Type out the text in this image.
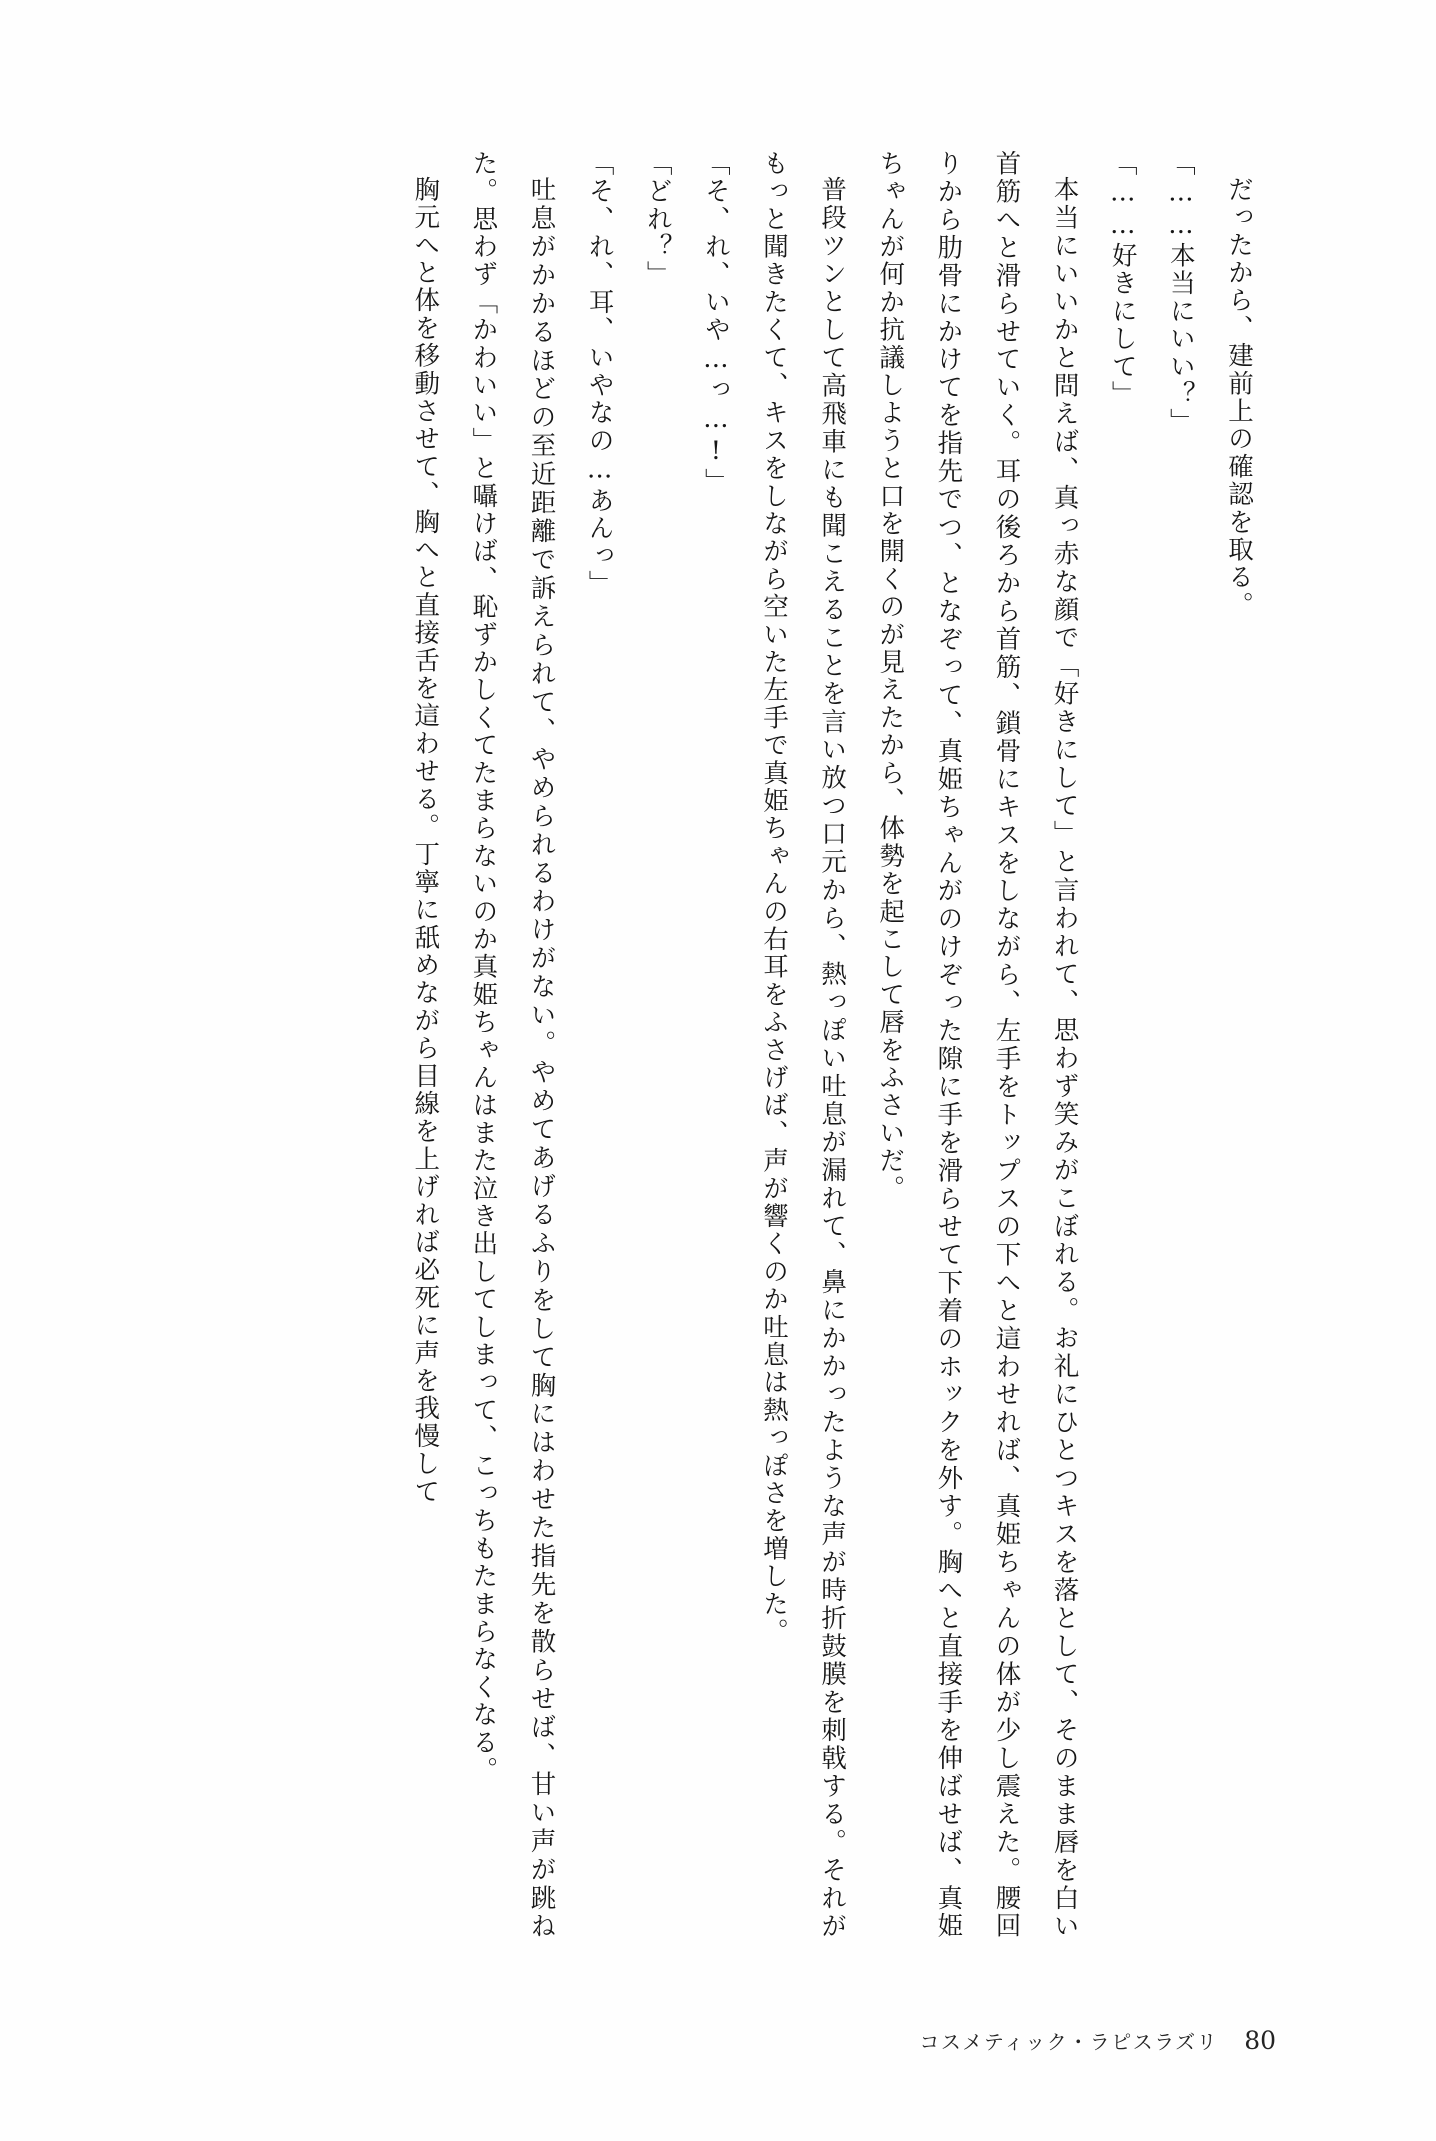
だったから、建前上の確認を取る。

「……本当にいい？」

「……好きにして」

本当にいいかと問えば、真っ赤な顔で「好きにして」と言われて、思わず笑みがこぼれる。お礼にひとつキスを落として、そのまま唇を白い首筋へと滑らせていく。耳の後ろから首筋、鎖骨にキスをしながら、左手をトップスの下へと這わせれば、真姫ちゃんの体が少し震えた。腰回りから肋骨にかけてを指先でつ、となぞって、真姫ちゃんがのけぞった隙に手を滑らせて下着のホックを外す。胸へと直接手を伸ばせば、真姫ちゃんが何か抗議しようと口を開くのが見えたから、体勢を起こして唇をふさいだ。

普段ツンとして高飛車にも聞こえることを言い放つ口元から、熱っぽい吐息が漏れて、鼻にかかったような声が時折鼓膜を刺戟する。それがもっと聞きたくて、キスをしながら空いた左手で真姫ちゃんの右耳をふさげば、声が響くのか吐息は熱っぽさを増した。

「そ、れ、いや…っ…!」

「どれ？」

「そ、れ、耳、いやなの…あんっ」

吐息がかかるほどの至近距離で訴えられて、やめられるわけがない。やめてあげるふりをして胸にはわせた指先を散らせば、甘い声が跳ねた。思わず「かわいい」と囁けば、恥ずかしくてたまらないのか真姫ちゃんはまた泣き出してしまって、こっちもたまらなくなる。

胸元へと体を移動させて、胸へと直接舌を這わせる。丁寧に舐めながら目線を上げれば必死に声を我慢して

コスメティック・ラピスラズリ 80
